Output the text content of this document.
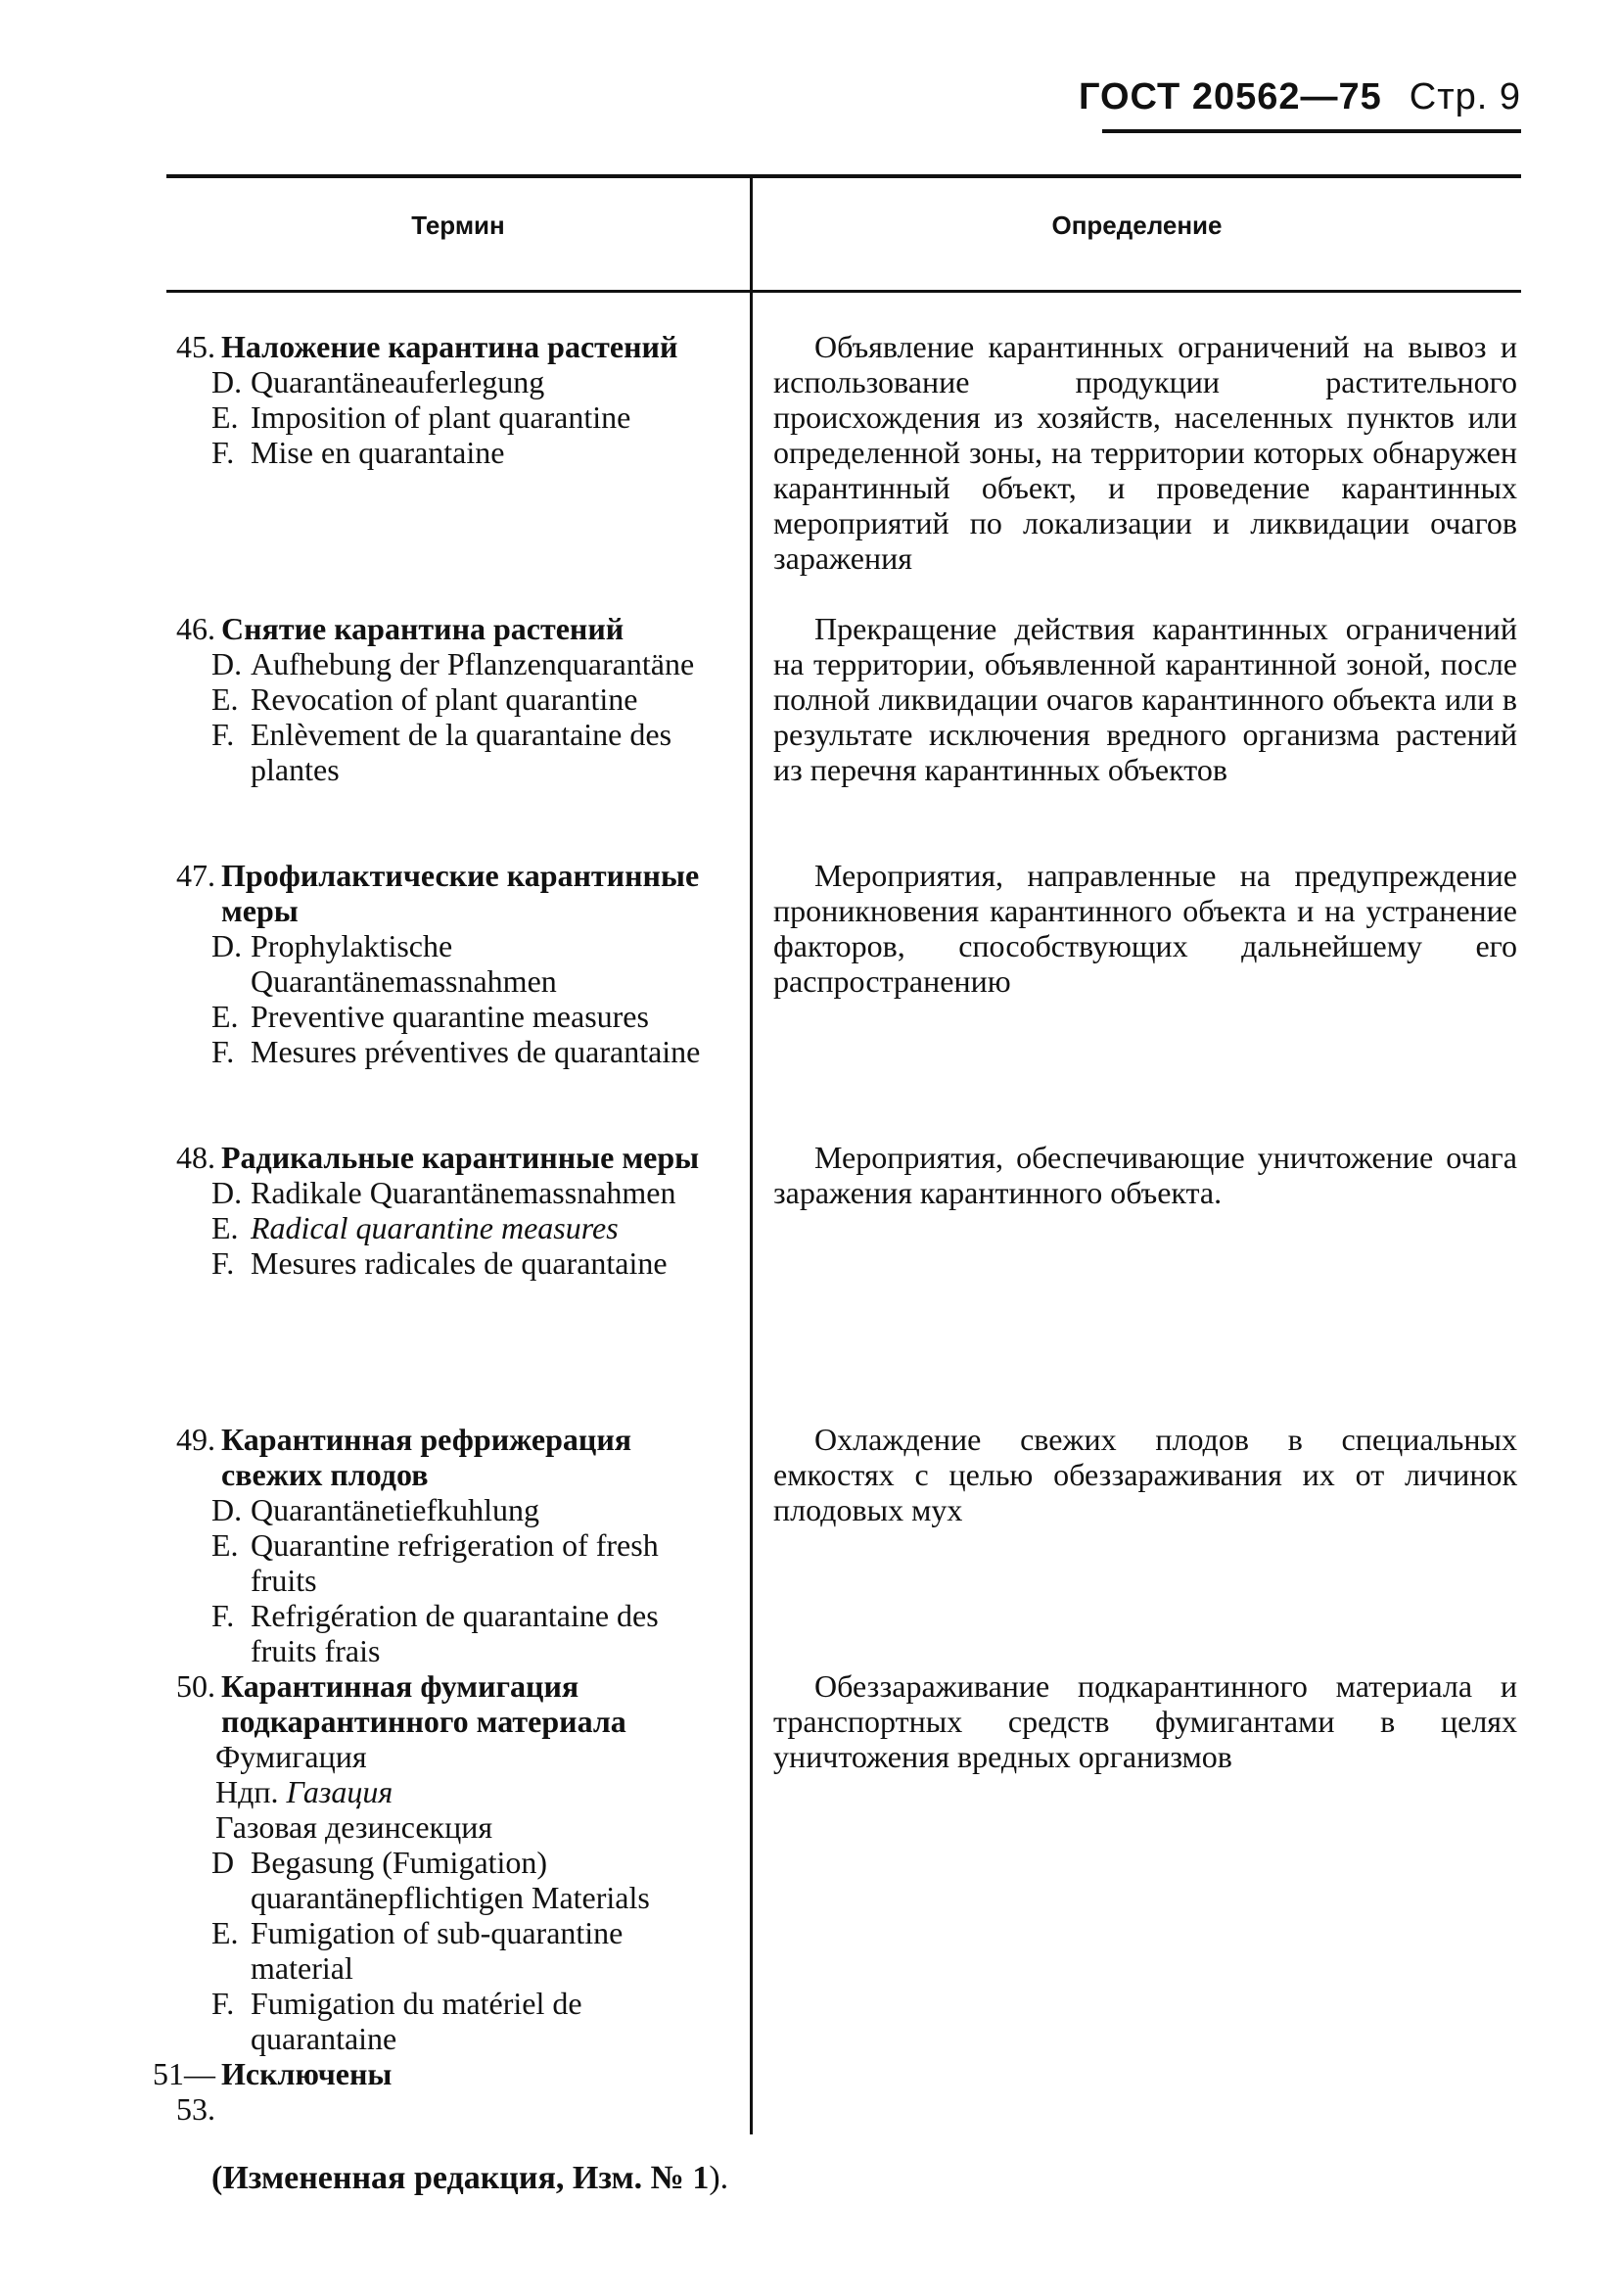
ГОСТ 20562—75 Стр. 9
Термин	Определение
45. Наложение карантина растений
D. Quarantäneauferlegung
E. Imposition of plant quarantine
F. Mise en quarantaine
Объявление карантинных ограничений на вывоз и использование продукции растительного происхождения из хозяйств, населенных пунктов или определенной зоны, на территории которых обнаружен карантинный объект, и проведение карантинных мероприятий по локализации и ликвидации очагов заражения
46. Снятие карантина растений
D. Aufhebung der Pflanzenquarantäne
E. Revocation of plant quarantine
F. Enlèvement de la quarantaine des plantes
Прекращение действия карантинных ограничений на территории, объявленной карантинной зоной, после полной ликвидации очагов карантинного объекта или в результате исключения вредного организма растений из перечня карантинных объектов
47. Профилактические карантинные меры
D. Prophylaktische Quarantänemassnahmen
E. Preventive quarantine measures
F. Mesures préventives de quarantaine
Мероприятия, направленные на предупреждение проникновения карантинного объекта и на устранение факторов, способствующих дальнейшему его распространению
48. Радикальные карантинные меры
D. Radikale Quarantänemassnahmen
E. Radical quarantine measures
F. Mesures radicales de quarantaine
Мероприятия, обеспечивающие уничтожение очага заражения карантинного объекта.
49. Карантинная рефрижерация свежих плодов
D. Quarantänetiefkuhlung
E. Quarantine refrigeration of fresh fruits
F. Refrigération de quarantaine des fruits frais
Охлаждение свежих плодов в специальных емкостях с целью обеззараживания их от личинок плодовых мух
50. Карантинная фумигация подкарантинного материала
Фумигация
Ндп. Газация
Газовая дезинсекция
D Begasung (Fumigation) quarantänepflichtigen Materials
E. Fumigation of sub-quarantine material
F. Fumigation du matériel de quarantaine
51—53.
Исключены
Обеззараживание подкарантинного материала и транспортных средств фумигантами в целях уничтожения вредных организмов
(Измененная редакция, Изм. № 1).
